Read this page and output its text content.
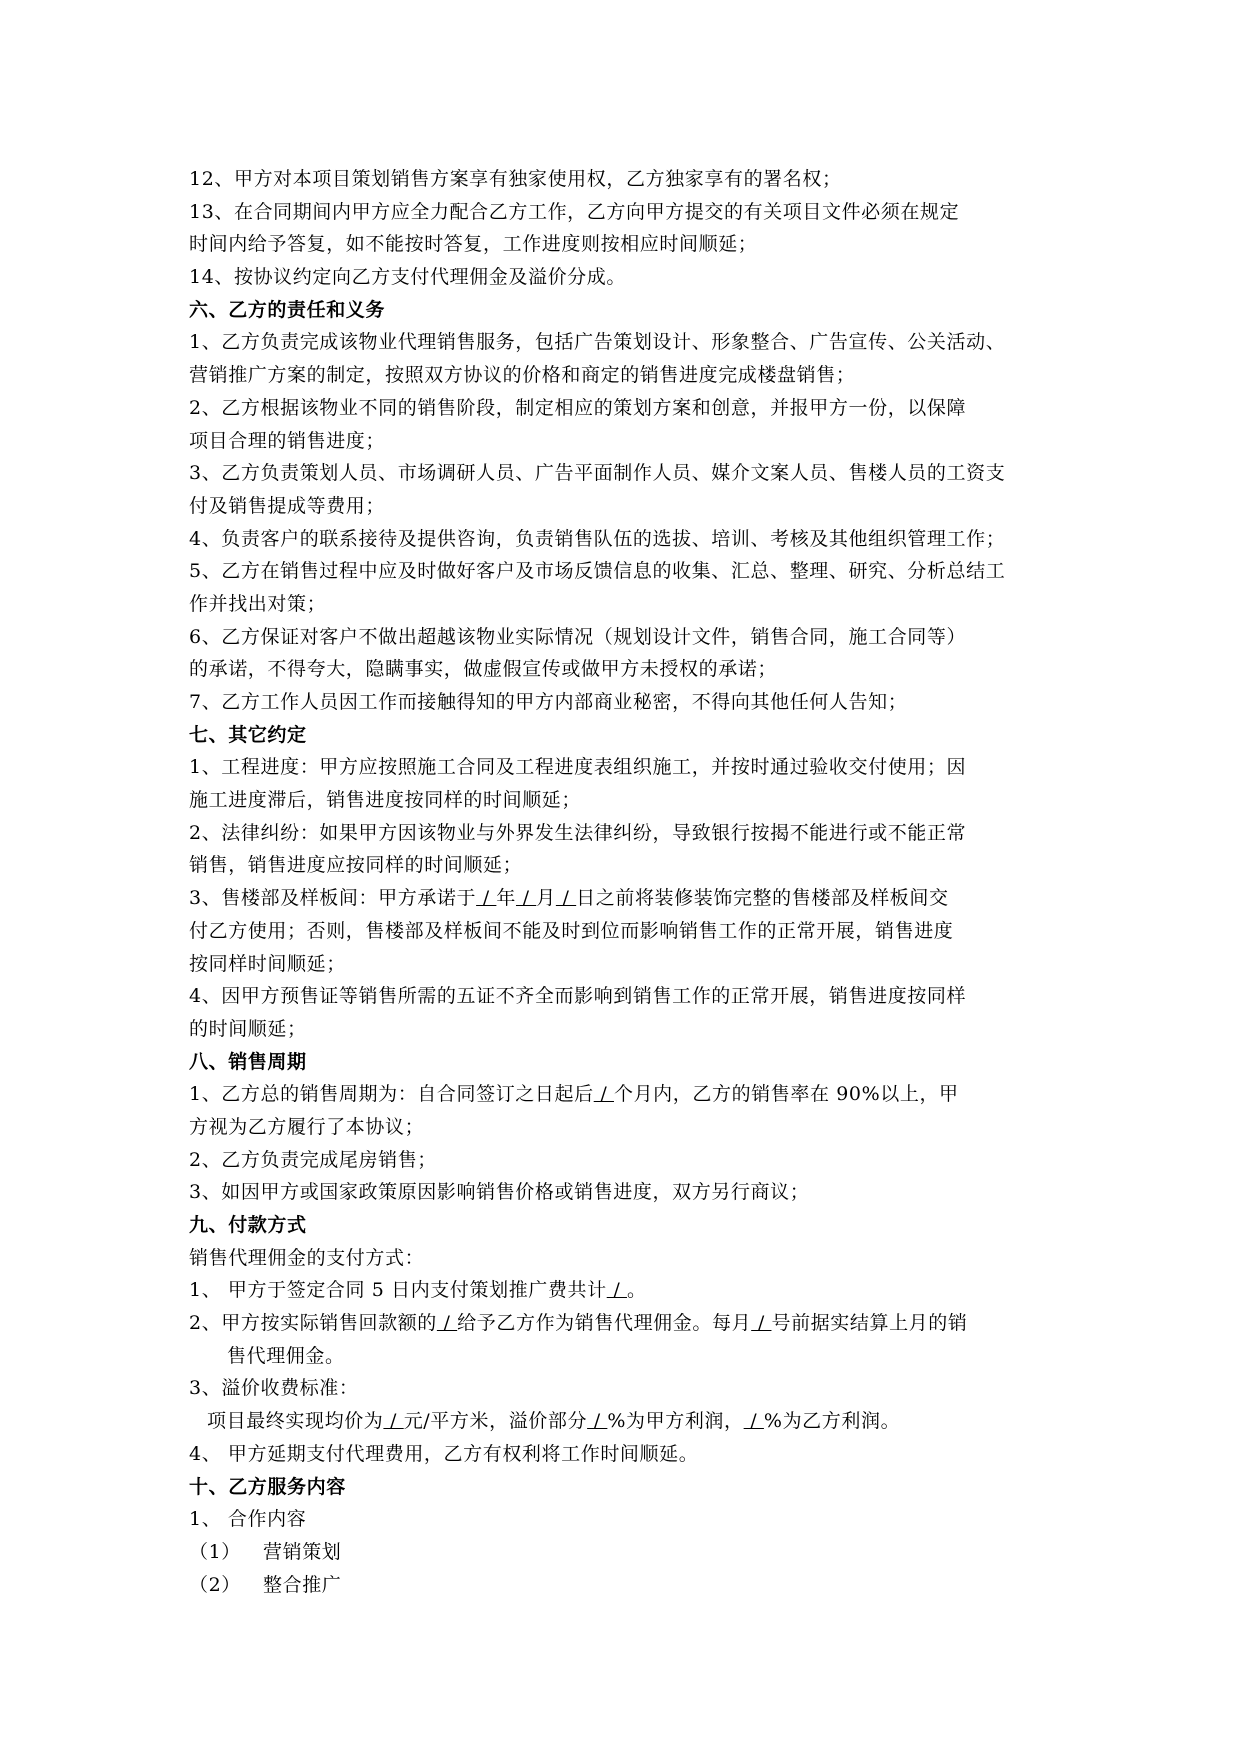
12、甲方对本项目策划销售方案享有独家使用权，乙方独家享有的署名权；
13、在合同期间内甲方应全力配合乙方工作，乙方向甲方提交的有关项目文件必须在规定
时间内给予答复，如不能按时答复，工作进度则按相应时间顺延；
14、按协议约定向乙方支付代理佣金及溢价分成。
六、乙方的责任和义务
1、乙方负责完成该物业代理销售服务，包括广告策划设计、形象整合、广告宣传、公关活动、
营销推广方案的制定，按照双方协议的价格和商定的销售进度完成楼盘销售；
2、乙方根据该物业不同的销售阶段，制定相应的策划方案和创意，并报甲方一份，以保障
项目合理的销售进度；
3、乙方负责策划人员、市场调研人员、广告平面制作人员、媒介文案人员、售楼人员的工资支
付及销售提成等费用；
4、负责客户的联系接待及提供咨询，负责销售队伍的选拔、培训、考核及其他组织管理工作；
5、乙方在销售过程中应及时做好客户及市场反馈信息的收集、汇总、整理、研究、分析总结工
作并找出对策；
6、乙方保证对客户不做出超越该物业实际情况（规划设计文件，销售合同，施工合同等）
的承诺，不得夸大，隐瞒事实，做虚假宣传或做甲方未授权的承诺；
7、乙方工作人员因工作而接触得知的甲方内部商业秘密，不得向其他任何人告知；
七、其它约定
1、工程进度：甲方应按照施工合同及工程进度表组织施工，并按时通过验收交付使用；因
施工进度滞后，销售进度按同样的时间顺延；
2、法律纠纷：如果甲方因该物业与外界发生法律纠纷，导致银行按揭不能进行或不能正常
销售，销售进度应按同样的时间顺延；
3、售楼部及样板间：甲方承诺于 / 年 / 月 / 日之前将装修装饰完整的售楼部及样板间交
付乙方使用；否则，售楼部及样板间不能及时到位而影响销售工作的正常开展，销售进度
按同样时间顺延；
4、因甲方预售证等销售所需的五证不齐全而影响到销售工作的正常开展，销售进度按同样
的时间顺延；
八、销售周期
1、乙方总的销售周期为：自合同签订之日起后 / 个月内，乙方的销售率在 90%以上，甲
方视为乙方履行了本协议；
2、乙方负责完成尾房销售；
3、如因甲方或国家政策原因影响销售价格或销售进度，双方另行商议；
九、付款方式
销售代理佣金的支付方式：
1、 甲方于签定合同 5 日内支付策划推广费共计 / 。
2、甲方按实际销售回款额的 / 给予乙方作为销售代理佣金。每月 / 号前据实结算上月的销
售代理佣金。
3、溢价收费标准：
项目最终实现均价为 / 元/平方米，溢价部分 / %为甲方利润， / %为乙方利润。
4、 甲方延期支付代理费用，乙方有权利将工作时间顺延。
十、乙方服务内容
1、 合作内容
（1） 营销策划
（2） 整合推广
